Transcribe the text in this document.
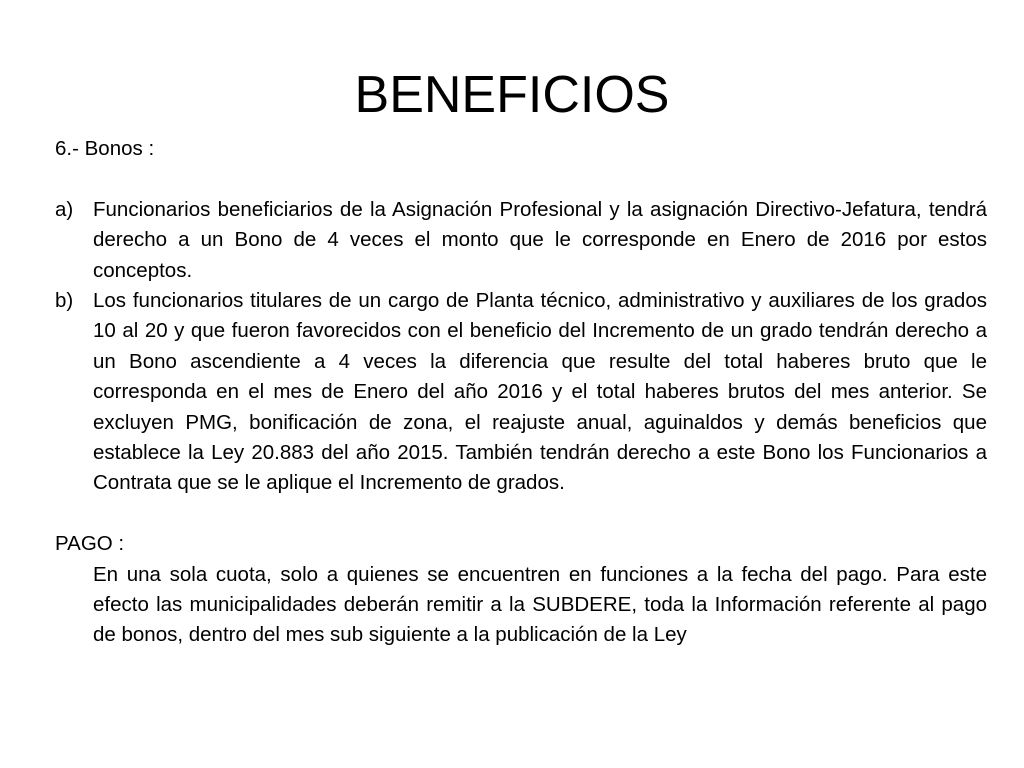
BENEFICIOS

6.- Bonos :

a) Funcionarios beneficiarios de la Asignación Profesional y la asignación Directivo-Jefatura, tendrá derecho a un Bono de 4 veces el monto que le corresponde en Enero de 2016 por estos conceptos.

b) Los funcionarios titulares de un cargo de Planta técnico, administrativo y auxiliares de los grados 10 al 20 y que fueron favorecidos con el beneficio del Incremento de un grado tendrán derecho a un Bono ascendiente a 4 veces la diferencia que resulte del total haberes bruto que le corresponda en el mes de Enero del año 2016 y el total haberes brutos del mes anterior. Se excluyen PMG, bonificación de zona, el reajuste anual, aguinaldos y demás beneficios que establece la Ley 20.883 del año 2015. También tendrán derecho a este Bono los Funcionarios a Contrata que se le aplique el Incremento de grados.

PAGO :

En una sola cuota, solo a quienes se encuentren en funciones a la fecha del pago. Para este efecto las municipalidades deberán remitir a la SUBDERE, toda la Información referente al pago de bonos, dentro del mes sub siguiente a la publicación de la Ley
